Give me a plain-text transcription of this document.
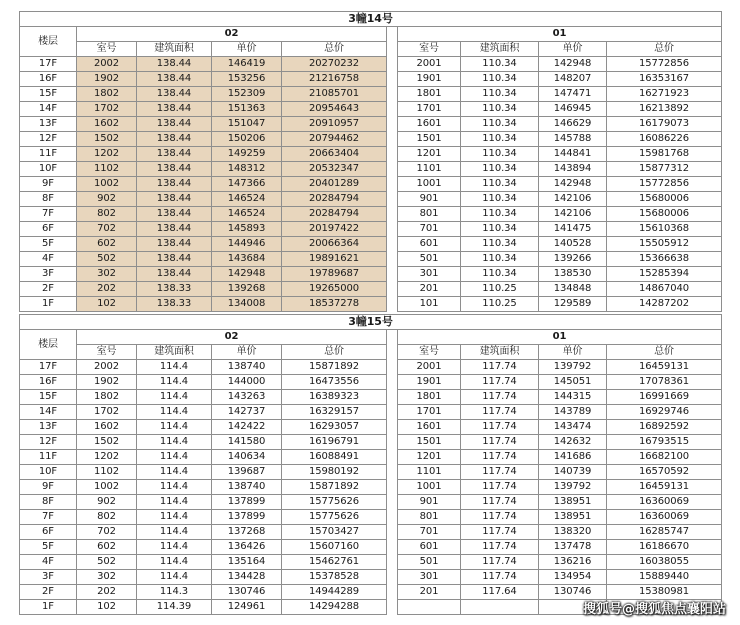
3幢14号									
楼层	02					01			
	室号	建筑面积	单价	总价		室号	建筑面积	单价	总价
17F	2002	138.44	146419	20270232		2001	110.34	142948	15772856
16F	1902	138.44	153256	21216758		1901	110.34	148207	16353167
15F	1802	138.44	152309	21085701		1801	110.34	147471	16271923
14F	1702	138.44	151363	20954643		1701	110.34	146945	16213892
13F	1602	138.44	151047	20910957		1601	110.34	146629	16179073
12F	1502	138.44	150206	20794462		1501	110.34	145788	16086226
11F	1202	138.44	149259	20663404		1201	110.34	144841	15981768
10F	1102	138.44	148312	20532347		1101	110.34	143894	15877312
9F	1002	138.44	147366	20401289		1001	110.34	142948	15772856
8F	902	138.44	146524	20284794		901	110.34	142106	15680006
7F	802	138.44	146524	20284794		801	110.34	142106	15680006
6F	702	138.44	145893	20197422		701	110.34	141475	15610368
5F	602	138.44	144946	20066364		601	110.34	140528	15505912
4F	502	138.44	143684	19891621		501	110.34	139266	15366638
3F	302	138.44	142948	19789687		301	110.34	138530	15285394
2F	202	138.33	139268	19265000		201	110.25	134848	14867040
1F	102	138.33	134008	18537278		101	110.25	129589	14287202
3幢15号									
楼层	02					01			
	室号	建筑面积	单价	总价		室号	建筑面积	单价	总价
17F	2002	114.4	138740	15871892		2001	117.74	139792	16459131
16F	1902	114.4	144000	16473556		1901	117.74	145051	17078361
15F	1802	114.4	143263	16389323		1801	117.74	144315	16991669
14F	1702	114.4	142737	16329157		1701	117.74	143789	16929746
13F	1602	114.4	142422	16293057		1601	117.74	143474	16892592
12F	1502	114.4	141580	16196791		1501	117.74	142632	16793515
11F	1202	114.4	140634	16088491		1201	117.74	141686	16682100
10F	1102	114.4	139687	15980192		1101	117.74	140739	16570592
9F	1002	114.4	138740	15871892		1001	117.74	139792	16459131
8F	902	114.4	137899	15775626		901	117.74	138951	16360069
7F	802	114.4	137899	15775626		801	117.74	138951	16360069
6F	702	114.4	137268	15703427		701	117.74	138320	16285747
5F	602	114.4	136426	15607160		601	117.74	137478	16186670
4F	502	114.4	135164	15462761		501	117.74	136216	16038055
3F	302	114.4	134428	15378528		301	117.74	134954	15889440
2F	202	114.3	130746	14944289		201	117.64	130746	15380981
1F	102	114.39	124961	14294288						搜狐号@搜狐焦点襄阳站
